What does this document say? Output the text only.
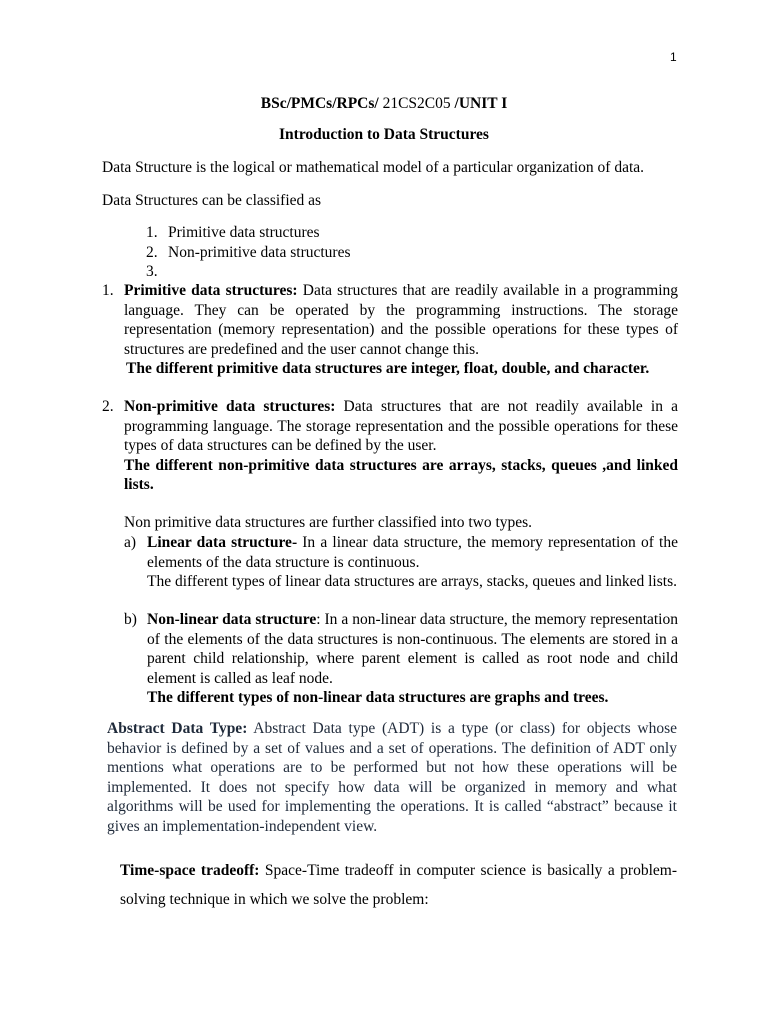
1
BSc/PMCs/RPCs/ 21CS2C05 /UNIT I
Introduction to Data Structures
Data Structure is the logical or mathematical model of a particular organization of data.
Data Structures can be classified as
1. Primitive data structures
2. Non-primitive data structures
3.
1. Primitive data structures: Data structures that are readily available in a programming language. They can be operated by the programming instructions. The storage representation (memory representation) and the possible operations for these types of structures are predefined and the user cannot change this.
The different primitive data structures are integer, float, double, and character.
2. Non-primitive data structures: Data structures that are not readily available in a programming language. The storage representation and the possible operations for these types of data structures can be defined by the user.
The different non-primitive data structures are arrays, stacks, queues ,and linked lists.
Non primitive data structures are further classified into two types.
a) Linear data structure- In a linear data structure, the memory representation of the elements of the data structure is continuous.

The different types of linear data structures are arrays, stacks, queues and linked lists.

b) Non-linear data structure: In a non-linear data structure, the memory representation of the elements of the data structures is non-continuous. The elements are stored in a parent child relationship, where parent element is called as root node and child element is called as leaf node.

The different types of non-linear data structures are graphs and trees.

Abstract Data Type: Abstract Data type (ADT) is a type (or class) for objects whose behavior is defined by a set of values and a set of operations. The definition of ADT only mentions what operations are to be performed but not how these operations will be implemented. It does not specify how data will be organized in memory and what algorithms will be used for implementing the operations. It is called “abstract” because it gives an implementation-independent view.
Time-space tradeoff: Space-Time tradeoff in computer science is basically a problem-solving technique in which we solve the problem:
